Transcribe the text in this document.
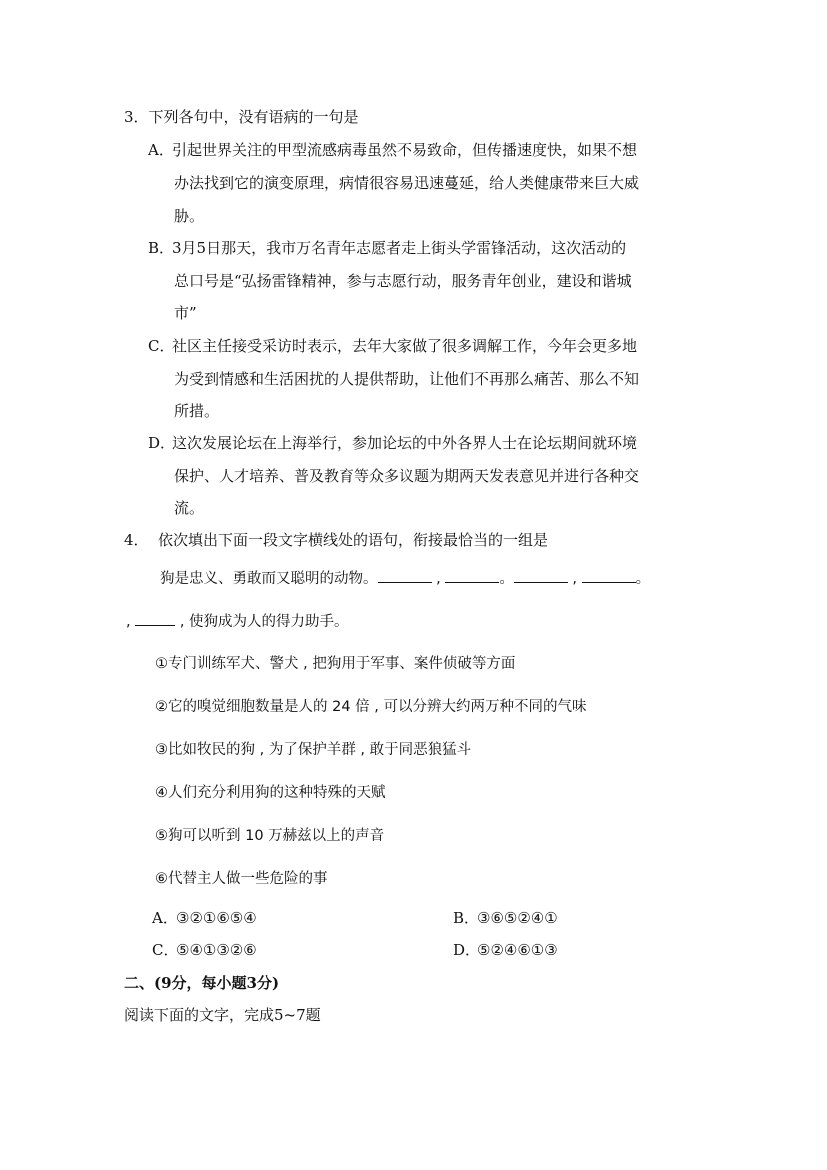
3．下列各句中，没有语病的一句是
A．引起世界关注的甲型流感病毒虽然不易致命，但传播速度快，如果不想
办法找到它的演变原理，病情很容易迅速蔓延，给人类健康带来巨大威
胁。
B．3月5日那天，我市万名青年志愿者走上街头学雷锋活动，这次活动的
总口号是“弘扬雷锋精神，参与志愿行动，服务青年创业，建设和谐城
市”
C．社区主任接受采访时表示，去年大家做了很多调解工作，今年会更多地
为受到情感和生活困扰的人提供帮助，让他们不再那么痛苦、那么不知
所措。
D．这次发展论坛在上海举行，参加论坛的中外各界人士在论坛期间就环境
保护、人才培养、普及教育等众多议题为期两天发表意见并进行各种交
流。
4． 依次填出下面一段文字横线处的语句，衔接最恰当的一组是
狗是忠义、勇敢而又聪明的动物。	,	。	,	。
,	, 使狗成为人的得力助手。
①专门训练军犬、警犬 , 把狗用于军事、案件侦破等方面
②它的嗅觉细胞数量是人的 24 倍 , 可以分辨大约两万种不同的气味
③比如牧民的狗 , 为了保护羊群 , 敢于同恶狼猛斗
④人们充分利用狗的这种特殊的天赋
⑤狗可以听到 10 万赫兹以上的声音
⑥代替主人做一些危险的事
A．③②①⑥⑤④	B．③⑥⑤②④①
C．⑤④①③②⑥	D．⑤②④⑥①③
二、(9分，每小题3分)
阅读下面的文字，完成5~7题
